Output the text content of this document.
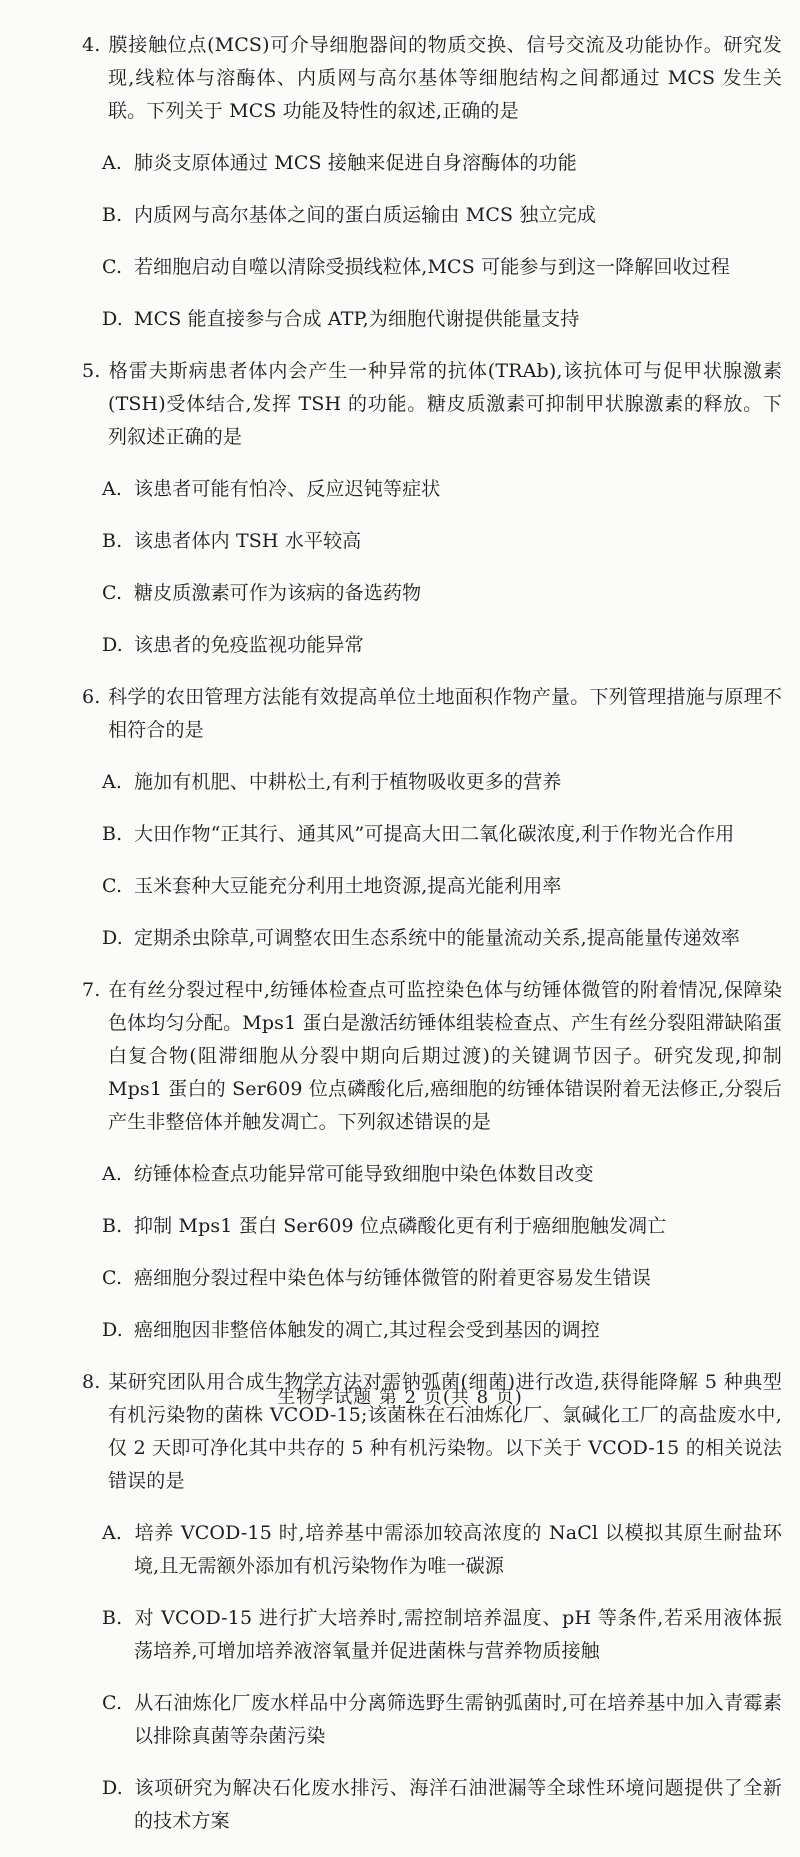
4. 膜接触位点(MCS)可介导细胞器间的物质交换、信号交流及功能协作。研究发现,线粒体与溶酶体、内质网与高尔基体等细胞结构之间都通过 MCS 发生关联。下列关于 MCS 功能及特性的叙述,正确的是

A. 肺炎支原体通过 MCS 接触来促进自身溶酶体的功能

B. 内质网与高尔基体之间的蛋白质运输由 MCS 独立完成

C. 若细胞启动自噬以清除受损线粒体,MCS 可能参与到这一降解回收过程

D. MCS 能直接参与合成 ATP,为细胞代谢提供能量支持

5. 格雷夫斯病患者体内会产生一种异常的抗体(TRAb),该抗体可与促甲状腺激素(TSH)受体结合,发挥 TSH 的功能。糖皮质激素可抑制甲状腺激素的释放。下列叙述正确的是

A. 该患者可能有怕冷、反应迟钝等症状

B. 该患者体内 TSH 水平较高

C. 糖皮质激素可作为该病的备选药物

D. 该患者的免疫监视功能异常

6. 科学的农田管理方法能有效提高单位土地面积作物产量。下列管理措施与原理不相符合的是

A. 施加有机肥、中耕松土,有利于植物吸收更多的营养

B. 大田作物“正其行、通其风”可提高大田二氧化碳浓度,利于作物光合作用

C. 玉米套种大豆能充分利用土地资源,提高光能利用率

D. 定期杀虫除草,可调整农田生态系统中的能量流动关系,提高能量传递效率

7. 在有丝分裂过程中,纺锤体检查点可监控染色体与纺锤体微管的附着情况,保障染色体均匀分配。Mps1 蛋白是激活纺锤体组装检查点、产生有丝分裂阻滞缺陷蛋白复合物(阻滞细胞从分裂中期向后期过渡)的关键调节因子。研究发现,抑制 Mps1 蛋白的 Ser609 位点磷酸化后,癌细胞的纺锤体错误附着无法修正,分裂后产生非整倍体并触发凋亡。下列叙述错误的是

A. 纺锤体检查点功能异常可能导致细胞中染色体数目改变

B. 抑制 Mps1 蛋白 Ser609 位点磷酸化更有利于癌细胞触发凋亡

C. 癌细胞分裂过程中染色体与纺锤体微管的附着更容易发生错误

D. 癌细胞因非整倍体触发的凋亡,其过程会受到基因的调控

8. 某研究团队用合成生物学方法对需钠弧菌(细菌)进行改造,获得能降解 5 种典型有机污染物的菌株 VCOD-15;该菌株在石油炼化厂、氯碱化工厂的高盐废水中,仅 2 天即可净化其中共存的 5 种有机污染物。以下关于 VCOD-15 的相关说法错误的是

A. 培养 VCOD-15 时,培养基中需添加较高浓度的 NaCl 以模拟其原生耐盐环境,且无需额外添加有机污染物作为唯一碳源

B. 对 VCOD-15 进行扩大培养时,需控制培养温度、pH 等条件,若采用液体振荡培养,可增加培养液溶氧量并促进菌株与营养物质接触

C. 从石油炼化厂废水样品中分离筛选野生需钠弧菌时,可在培养基中加入青霉素以排除真菌等杂菌污染

D. 该项研究为解决石化废水排污、海洋石油泄漏等全球性环境问题提供了全新的技术方案

生物学试题 第 2 页(共 8 页)
